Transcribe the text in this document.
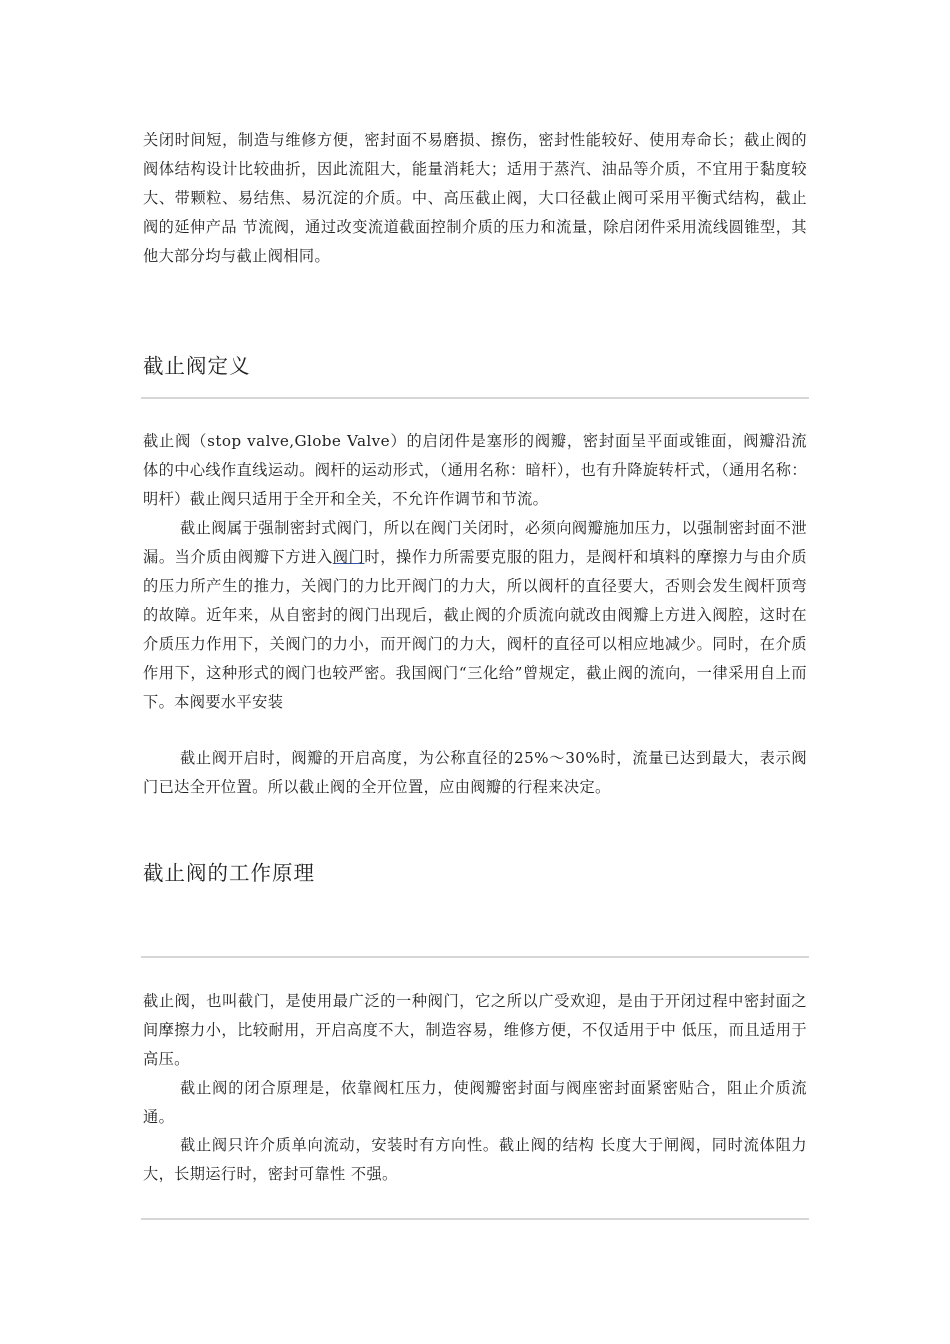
关闭时间短，制造与维修方便，密封面不易磨损、擦伤，密封性能较好、使用寿命长；截止阀的阀体结构设计比较曲折，因此流阻大，能量消耗大；适用于蒸汽、油品等介质，不宜用于黏度较大、带颗粒、易结焦、易沉淀的介质。中、高压截止阀，大口径截止阀可采用平衡式结构，截止阀的延伸产品 节流阀，通过改变流道截面控制介质的压力和流量，除启闭件采用流线圆锥型，其他大部分均与截止阀相同。

截止阀定义

截止阀（stop valve,Globe Valve）的启闭件是塞形的阀瓣，密封面呈平面或锥面，阀瓣沿流体的中心线作直线运动。阀杆的运动形式，（通用名称：暗杆），也有升降旋转杆式，（通用名称：明杆）截止阀只适用于全开和全关，不允许作调节和节流。

截止阀属于强制密封式阀门，所以在阀门关闭时，必须向阀瓣施加压力，以强制密封面不泄漏。当介质由阀瓣下方进入阀门时，操作力所需要克服的阻力，是阀杆和填料的摩擦力与由介质的压力所产生的推力，关阀门的力比开阀门的力大，所以阀杆的直径要大，否则会发生阀杆顶弯的故障。近年来，从自密封的阀门出现后，截止阀的介质流向就改由阀瓣上方进入阀腔，这时在介质压力作用下，关阀门的力小，而开阀门的力大，阀杆的直径可以相应地减少。同时，在介质作用下，这种形式的阀门也较严密。我国阀门“三化给”曾规定，截止阀的流向，一律采用自上而下。本阀要水平安装

截止阀开启时，阀瓣的开启高度，为公称直径的25%～30%时，流量已达到最大，表示阀门已达全开位置。所以截止阀的全开位置，应由阀瓣的行程来决定。

截止阀的工作原理

截止阀，也叫截门，是使用最广泛的一种阀门，它之所以广受欢迎，是由于开闭过程中密封面之间摩擦力小，比较耐用，开启高度不大，制造容易，维修方便，不仅适用于中 低压，而且适用于高压。

截止阀的闭合原理是，依靠阀杠压力，使阀瓣密封面与阀座密封面紧密贴合，阻止介质流通。

截止阀只许介质单向流动，安装时有方向性。截止阀的结构 长度大于闸阀，同时流体阻力大，长期运行时，密封可靠性 不强。
